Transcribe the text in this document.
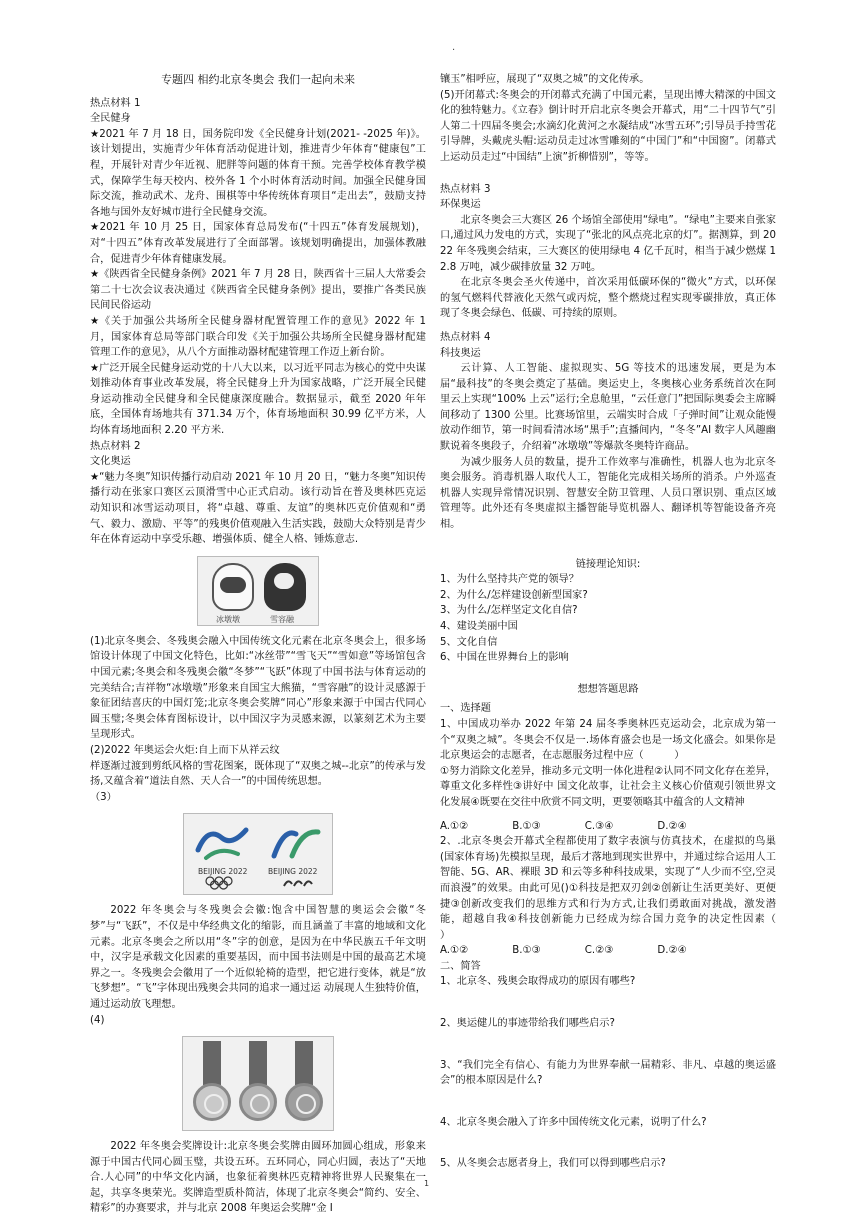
.
专题四 相约北京冬奥会 我们一起向未来
热点材料 1
全民健身
★2021 年 7 月 18 日，国务院印发《全民健身计划(2021- -2025 年)》。该计划提出，实施青少年体育活动促进计划，推进青少年体育“健康包”工程，开展针对青少年近视、肥胖等问题的体育干预。完善学校体育教学模式，保障学生每天校内、校外各 1 个小时体育活动时间。加强全民健身国际交流，推动武术、龙舟、围棋等中华传统体育项目“走出去”，鼓励支持各地与国外友好城市进行全民健身交流。
★2021 年 10 月 25 日，国家体育总局发布(“十四五”体育发展规划)，对“十四五”体育改革发展进行了全面部署。该规划明确提出，加强体教融合，促进青少年体育健康发展。
★《陕西省全民健身条例》2021 年 7 月 28 日，陕西省十三届人大常委会第二十七次会议表决通过《陕西省全民健身条例》提出，要推广各类民族民间民俗运动
★《关于加强公共场所全民健身器材配置管理工作的意见》2022 年 1 月，国家体育总局等部门联合印发《关于加强公共场所全民健身器材配建管理工作的意见》，从八个方面推动器材配建管理工作迈上新台阶。
★广泛开展全民健身运动党的十八大以来，以习近平同志为核心的党中央谋划推动体育事业改革发展，将全民健身上升为国家战略，广泛开展全民健身运动推动全民健身和全民健康深度融合。数据显示，截至 2020 年年底，全国体育场地共有 371.34 万个，体育场地面积 30.99 亿平方米，人均体育场地面积 2.20 平方米.
热点材料 2
文化奥运
★“魅力冬奥”知识传播行动启动 2021 年 10 月 20 日，“魅力冬奥”知识传播行动在张家口赛区云顶滑雪中心正式启动。该行动旨在普及奥林匹克运动知识和冰雪运动项目，将“卓越、尊重、友谊”的奥林匹克价值观和“勇气、毅力、激励、平等”的残奥价值观融入生活实践，鼓励大众特别是青少年在体育运动中享受乐趣、增强体质、健全人格、锤炼意志.
冰墩墩	雪容融
(1)北京冬奥会、冬残奥会融入中国传统文化元素在北京冬奥会上，很多场馆设计体现了中国文化特色，比如:“冰丝带”“雪飞天”“雪如意”等场馆包含中国元素;冬奥会和冬残奥会徽“冬梦”“飞跃”体现了中国书法与体育运动的完美结合;吉祥物“冰墩墩”形象来自国宝大熊猫，“雪容融”的设计灵感源于象征团结喜庆的中国灯笼;北京冬奥会奖牌“同心”形象来源于中国古代同心圆玉璧;冬奥会体育图标设计，以中国汉字为灵感来源，以篆刻艺术为主要呈现形式。
(2)2022 年奥运会火炬:自上而下从祥云纹
样逐渐过渡到剪纸风格的雪花图案，既体现了“双奥之城--北京”的传承与发扬,又蕴含着“道法自然、天人合一”的中国传统思想。
（3）
BEIJING 2022	BEIJING 2022
2022 年冬奥会与冬残奥会会徽:饱含中国智慧的奥运会会徽“冬梦”与“飞跃”，不仅是中华经典文化的缩影，而且涵盖了丰富的地域和文化元素。北京冬奥会之所以用“冬”字的创意，是因为在中华民族五千年文明中，汉字是承载文化因素的重要基因，而中国书法则是中国的最高艺术境界之一。冬残奥会会徽用了一个近似轮椅的造型，把它进行变体，就是“放飞梦想”。“飞”字体现出残奥会共同的追求一通过运 动展现人生独特价值，通过运动放飞理想。
(4)
2022 年冬奥会奖牌设计:北京冬奥会奖牌由圆环加圆心组成，形象来源于中国古代同心圆玉璧，共设五环。五环同心，同心归圆，表达了“天地合.人心同”的中华文化内涵，也象征着奥林匹克精神将世界人民聚集在一起，共享冬奥荣光。奖牌造型质朴简洁，体现了北京冬奥会“简约、安全、精彩”的办赛要求，并与北京 2008 年奥运会奖牌“金 I
镶玉”相呼应，展现了“双奥之城”的文化传承。
(5)开闭幕式:冬奥会的开闭幕式充满了中国元素，呈现出博大精深的中国文化的独特魅力。《立春》倒计时开启北京冬奥会开幕式，用“二十四节气”引人第二十四届冬奥会;水滴幻化黄河之水凝结成“冰雪五环”;引导员手持雪花引导牌，头戴虎头帽:运动员走过冰雪雕刻的“中国门”和“中国窗”。闭幕式上运动员走过“中国结”上演”折柳惜别”，等等。
热点材料 3
环保奥运
北京冬奥会三大赛区 26 个场馆全部使用“绿电”。“绿电”主要来自张家口,通过风力发电的方式，实现了“张北的风点亮北京的灯”。据测算，到 2022 年冬残奥会结束，三大赛区的使用绿电 4 亿千瓦时，相当于减少燃煤 12.8 万吨，减少碳排放量 32 万吨。
在北京冬奥会圣火传递中，首次采用低碳环保的“微火”方式，以环保的氢气燃料代替液化天然气或丙烷，整个燃烧过程实现零碳排放，真正体现了冬奥会绿色、低碳、可持续的原则。
热点材料 4
科技奥运
云计算、人工智能、虚拟现实、5G 等技术的迅速发展，更是为本届“最科技”的冬奥会奠定了基础。奥运史上，冬奥核心业务系统首次在阿里云上实现“100% 上云”运行;全息舱里，“云任意门”把国际奥委会主席瞬间移动了 1300 公里。比赛场馆里，云端实时合成「子弹时间”让观众能慢放动作细节，第一时间看清冰场“黑手”;直播间内，“冬冬”AI 数字人风趣幽默说着冬奥段子，介绍着“冰墩墩”等爆款冬奥特许商品。
为减少服务人员的数量，提升工作效率与准确性，机器人也为北京冬奥会服务。消毒机器人取代人工，智能化完成相关场所的消杀。户外巡查机器人实现异常情况识别、智慧安全防卫管理、人员口罩识别、重点区域管理等。此外还有冬奥虚拟主播智能导览机器人、翻译机等智能设备齐亮相。
链接理论知识:
1、为什么坚持共产党的领导？
2、为什么/怎样建设创新型国家?
3、为什么/怎样坚定文化自信?
4、建设美丽中国
5、文化自信
6、中国在世界舞台上的影响
想想答题思路
一、选择题
1、中国成功举办 2022 年第 24 届冬季奥林匹克运动会，北京成为第一个“双奥之城”。冬奥会不仅是一.场体育盛会也是一场文化盛会。如果你是北京奥运会的志愿者，在志愿服务过程中应（　　　）
①努力消除文化差异，推动多元文明一体化进程②认同不同文化存在差异，尊重文化多样性③讲好中 国文化故事，让社会主义核心价值观引领世界文化发展④既要在交往中欣赏不同文明，更要领略其中蕴含的人文精神
A.①②	B.①③	C.③④	D.②④
2、.北京冬奥会开幕式全程都使用了数字表演与仿真技术，在虚拟的鸟巢(国家体育场)先模拟呈现，最后才落地到现实世界中，并通过综合运用人工智能、5G、AR、裸眼 3D 和云等多种科技成果，实现了“人少而不空,空灵而浪漫”的效果。由此可见()①科技是把双刃剑②创新让生活更美好、更便捷③创新改变我们的思维方式和行为方式,让我们勇敢面对挑战，激发潜能，超越自我④科技创新能力已经成为综合国力竞争的决定性因素（　　　）
A.①②	B.①③	C.②③	D.②④
二、简答
1、北京冬、残奥会取得成功的原因有哪些?
2、奥运健儿的事迹带给我们哪些启示?
3、“我们完全有信心、有能力为世界奉献一届精彩、非凡、卓越的奥运盛会”的根本原因是什么?
4、北京冬奥会融入了许多中国传统文化元素，说明了什么?
5、从冬奥会志愿者身上，我们可以得到哪些启示?
1
